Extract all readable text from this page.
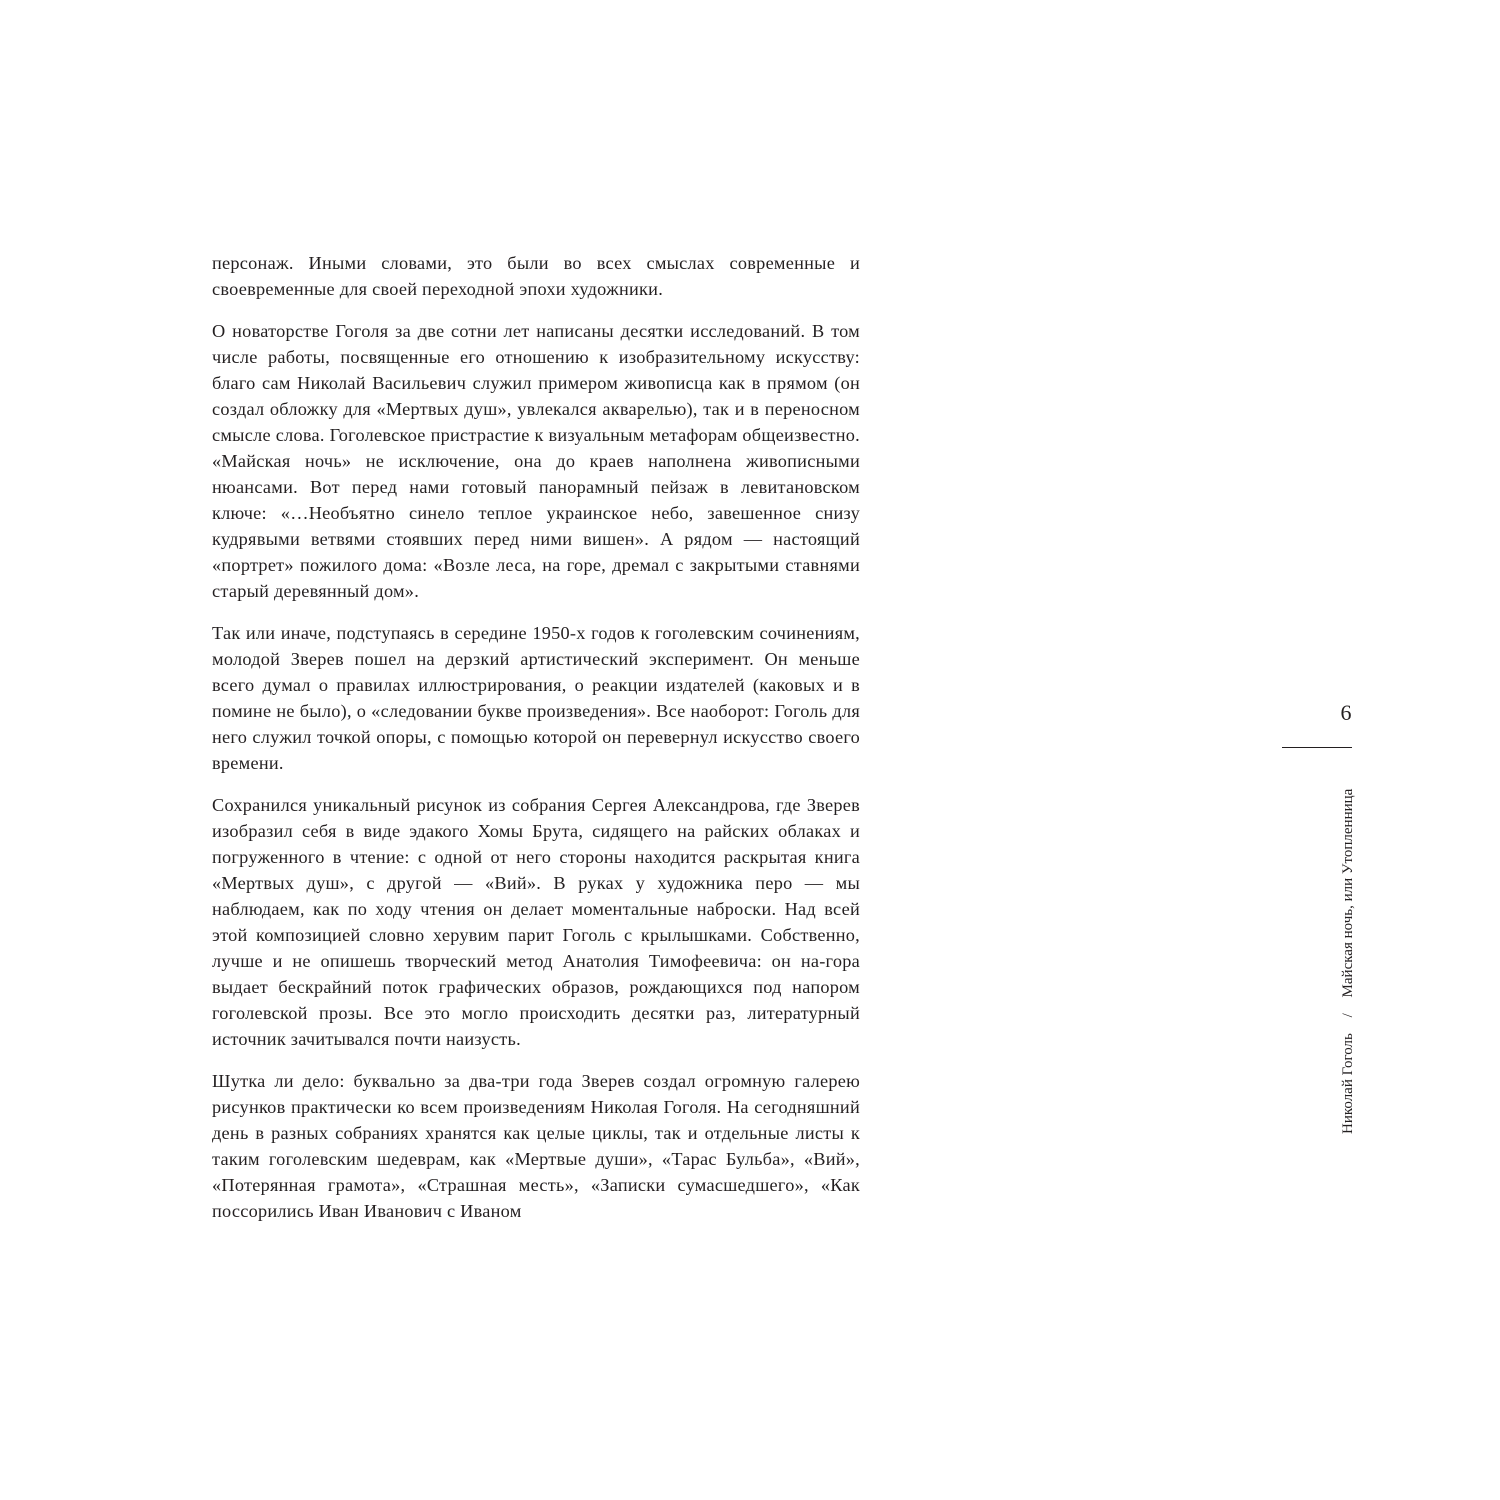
персонаж. Иными словами, это были во всех смыслах современные и своевременные для своей переходной эпохи художники.

О новаторстве Гоголя за две сотни лет написаны десятки исследований. В том числе работы, посвященные его отношению к изобразительному искусству: благо сам Николай Васильевич служил примером живописца как в прямом (он создал обложку для «Мертвых душ», увлекался акварелью), так и в переносном смысле слова. Гоголевское пристрастие к визуальным метафорам общеизвестно. «Майская ночь» не исключение, она до краев наполнена живописными нюансами. Вот перед нами готовый панорамный пейзаж в левитановском ключе: «…Необъятно синело теплое украинское небо, завешенное снизу кудрявыми ветвями стоявших перед ними вишен». А рядом — настоящий «портрет» пожилого дома: «Возле леса, на горе, дремал с закрытыми ставнями старый деревянный дом».

Так или иначе, подступаясь в середине 1950-х годов к гоголевским сочинениям, молодой Зверев пошел на дерзкий артистический эксперимент. Он меньше всего думал о правилах иллюстрирования, о реакции издателей (каковых и в помине не было), о «следовании букве произведения». Все наоборот: Гоголь для него служил точкой опоры, с помощью которой он перевернул искусство своего времени.

Сохранился уникальный рисунок из собрания Сергея Александрова, где Зверев изобразил себя в виде эдакого Хомы Брута, сидящего на райских облаках и погруженного в чтение: с одной от него стороны находится раскрытая книга «Мертвых душ», с другой — «Вий». В руках у художника перо — мы наблюдаем, как по ходу чтения он делает моментальные наброски. Над всей этой композицией словно херувим парит Гоголь с крылышками. Собственно, лучше и не опишешь творческий метод Анатолия Тимофеевича: он на-гора выдает бескрайний поток графических образов, рождающихся под напором гоголевской прозы. Все это могло происходить десятки раз, литературный источник зачитывался почти наизусть.

Шутка ли дело: буквально за два-три года Зверев создал огромную галерею рисунков практически ко всем произведениям Николая Гоголя. На сегодняшний день в разных собраниях хранятся как целые циклы, так и отдельные листы к таким гоголевским шедеврам, как «Мертвые души», «Тарас Бульба», «Вий», «Потерянная грамота», «Страшная месть», «Записки сумасшедшего», «Как поссорились Иван Иванович с Иваном

6
Николай Гоголь / Майская ночь, или Утопленница
